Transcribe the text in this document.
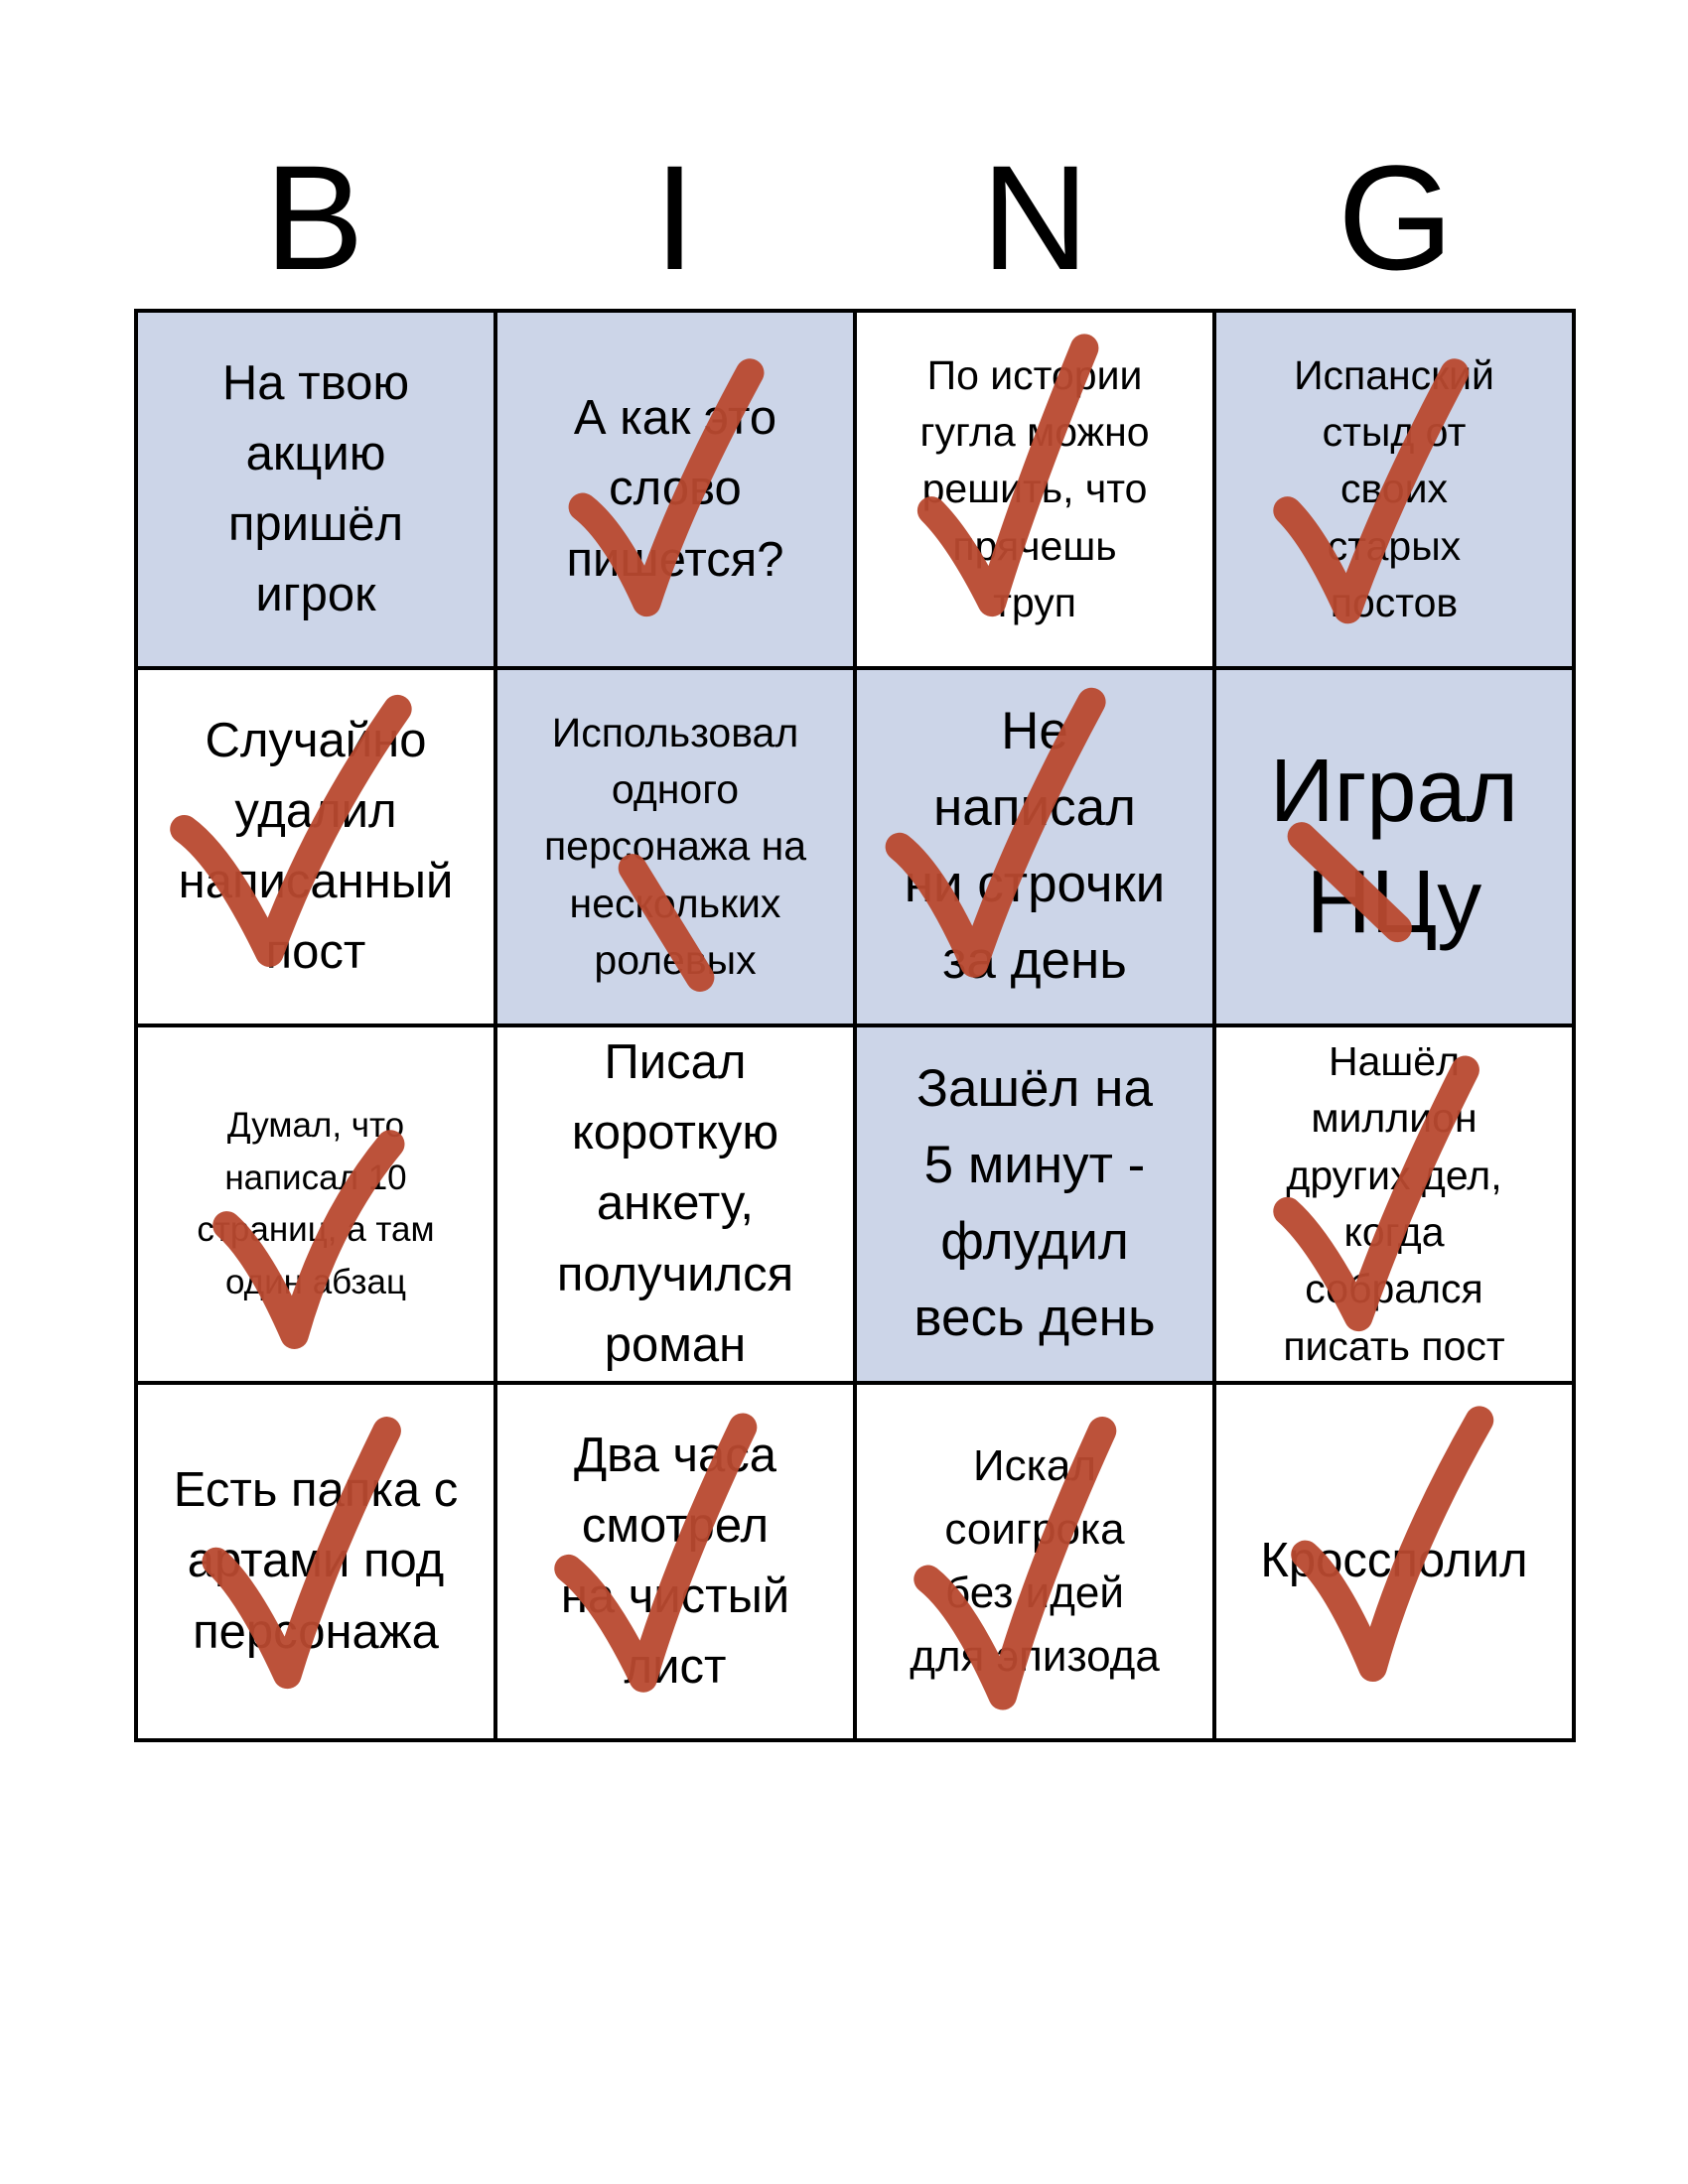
B	I	N	G
На твою
акцию
пришёл
игрок
А как это
слово
пишется?
По истории
гугла можно
решить, что
прячешь
труп
Испанский
стыд от
своих
старых
постов
Случайно
удалил
написанный
пост
Использовал
одного
персонажа на
нескольких
ролевых
Не
написал
ни строчки
за день
Играл
НЦу
Думал, что
написал 10
страниц, а там
один абзац
Писал
короткую
анкету,
получился
роман
Зашёл на
5 минут -
флудил
весь день
Нашёл
миллион
других дел,
когда
собрался
писать пост
Есть папка с
артами под
персонажа
Два часа
смотрел
на чистый
лист
Искал
соигрока
без идей
для эпизода
Кроссполил
